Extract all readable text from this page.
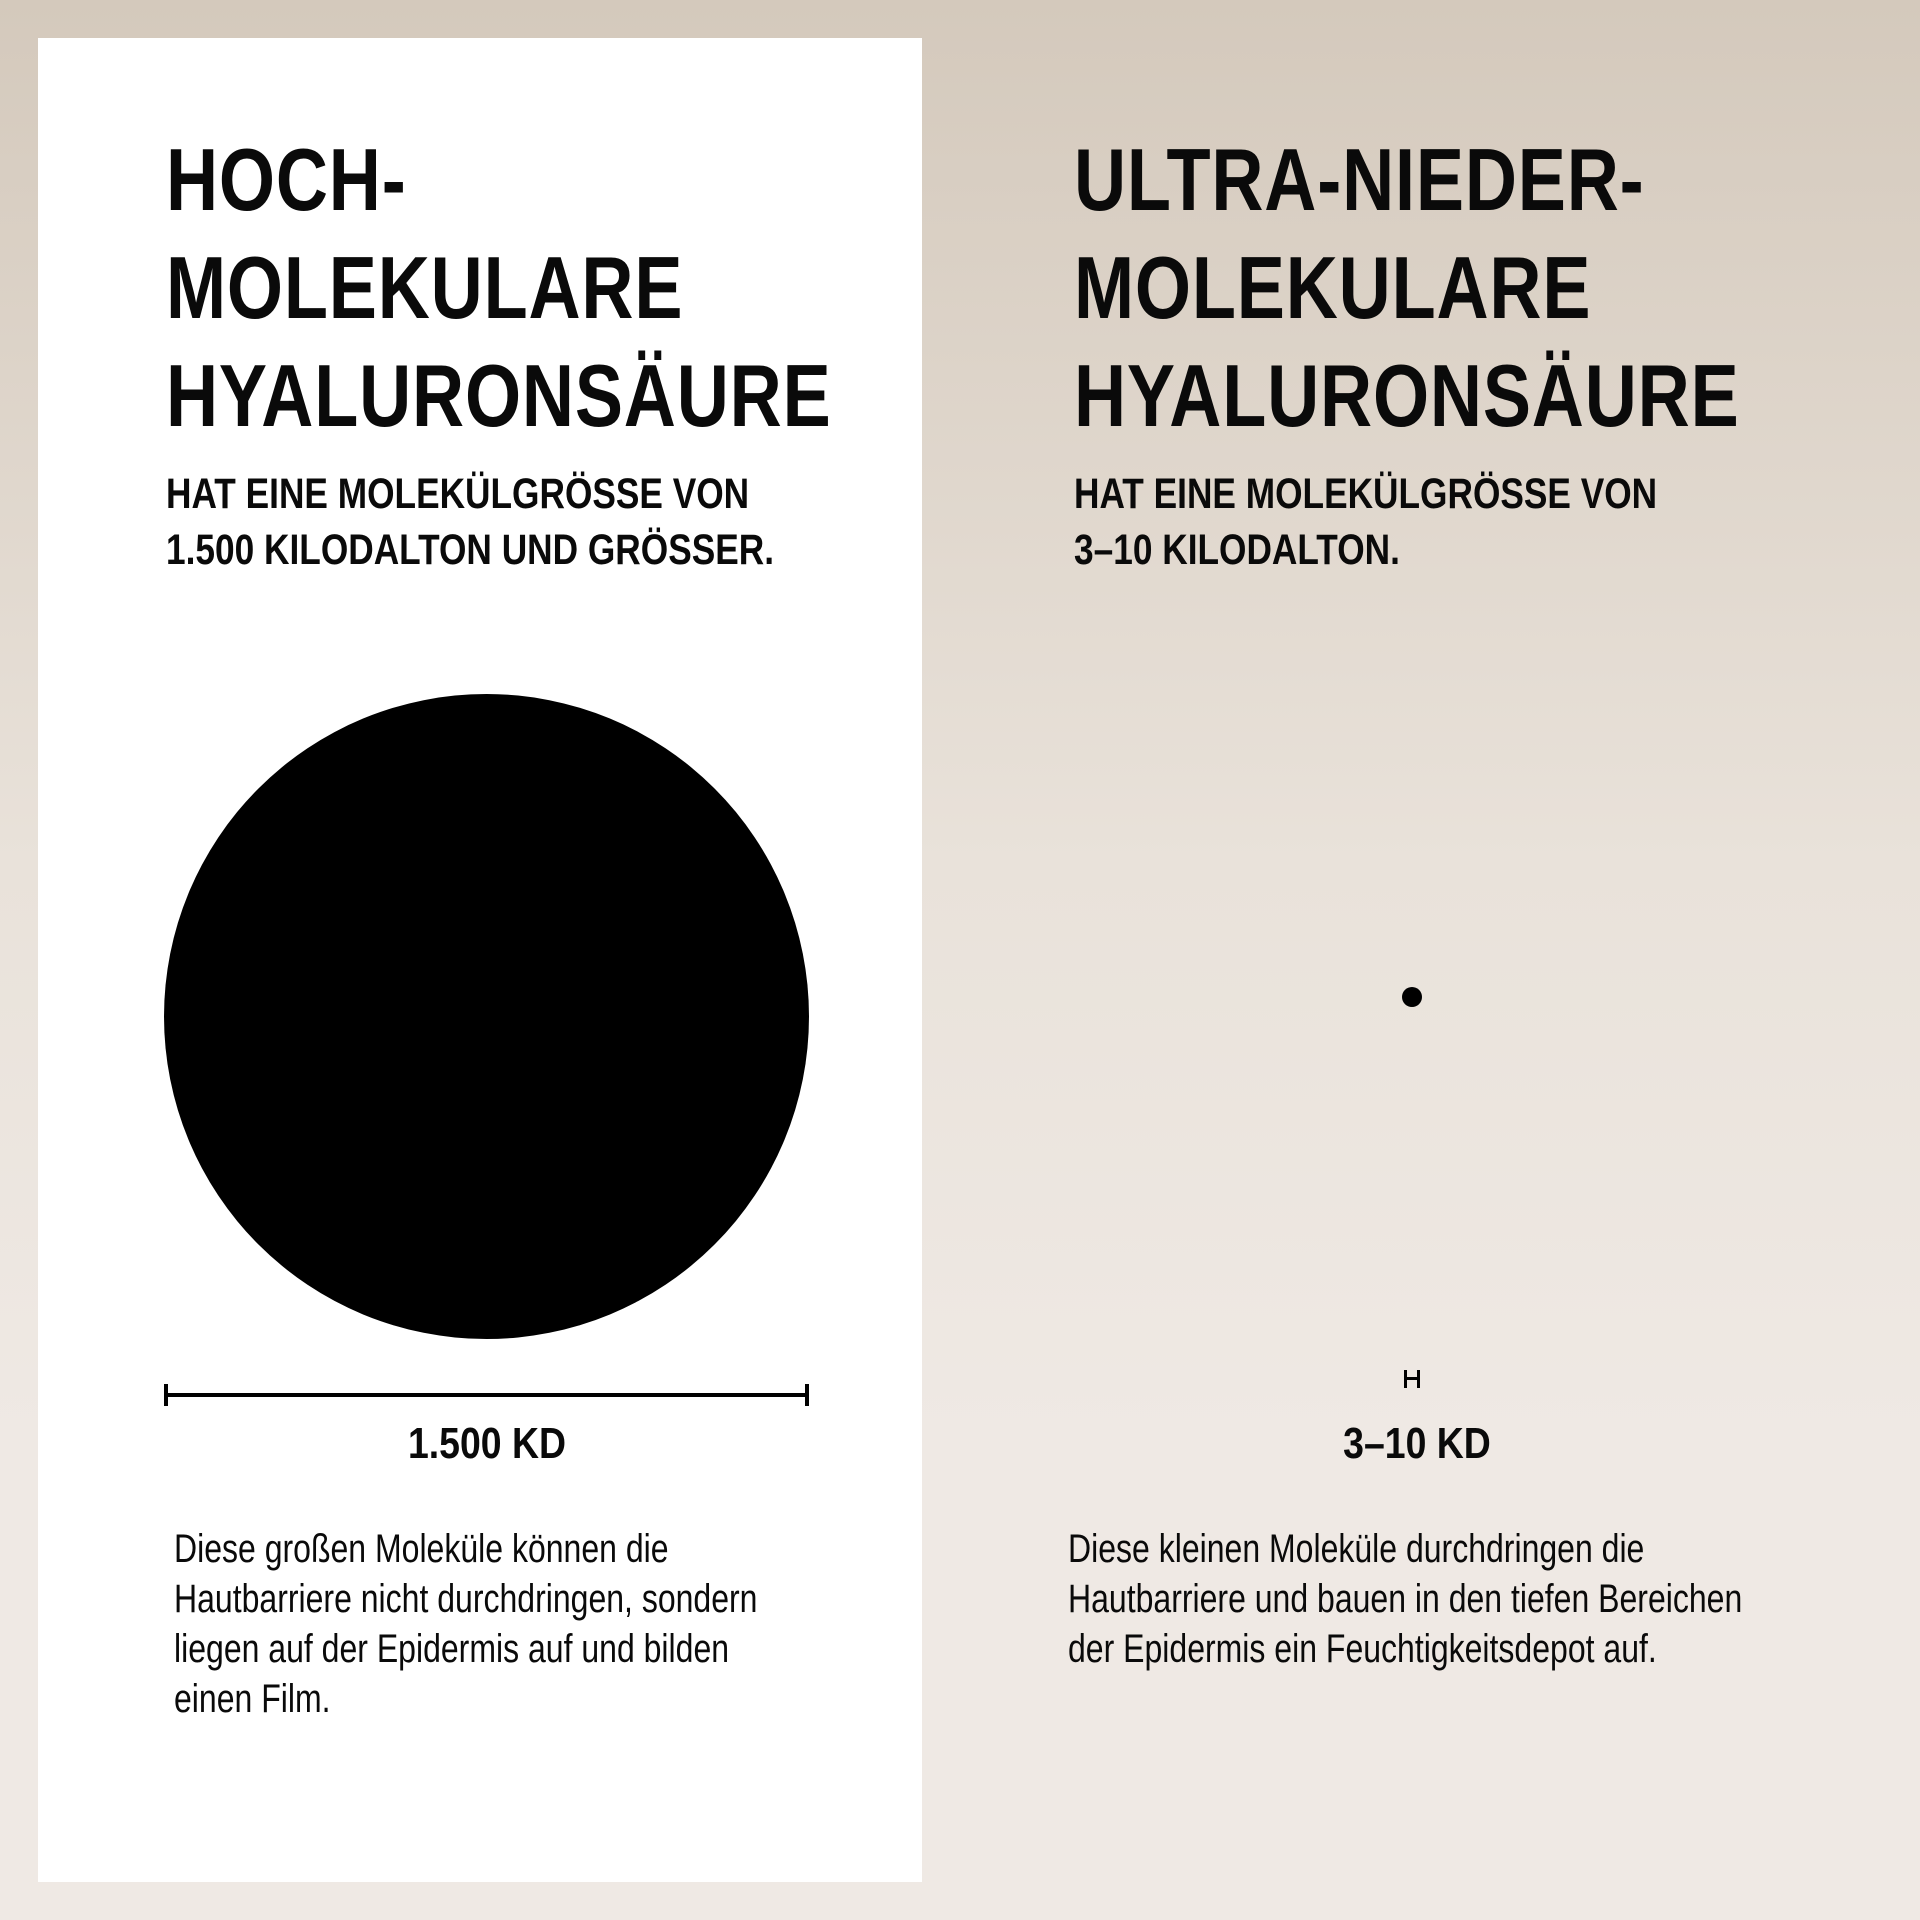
HOCH-
MOLEKULARE
HYALURONSÄURE
HAT EINE MOLEKÜLGRÖSSE VON
1.500 KILODALTON UND GRÖSSER.
1.500 KD
Diese großen Moleküle können die
Hautbarriere nicht durchdringen, sondern
liegen auf der Epidermis auf und bilden
einen Film.
ULTRA-NIEDER-
MOLEKULARE
HYALURONSÄURE
HAT EINE MOLEKÜLGRÖSSE VON
3–10 KILODALTON.
3–10 KD
Diese kleinen Moleküle durchdringen die
Hautbarriere und bauen in den tiefen Bereichen
der Epidermis ein Feuchtigkeitsdepot auf.
